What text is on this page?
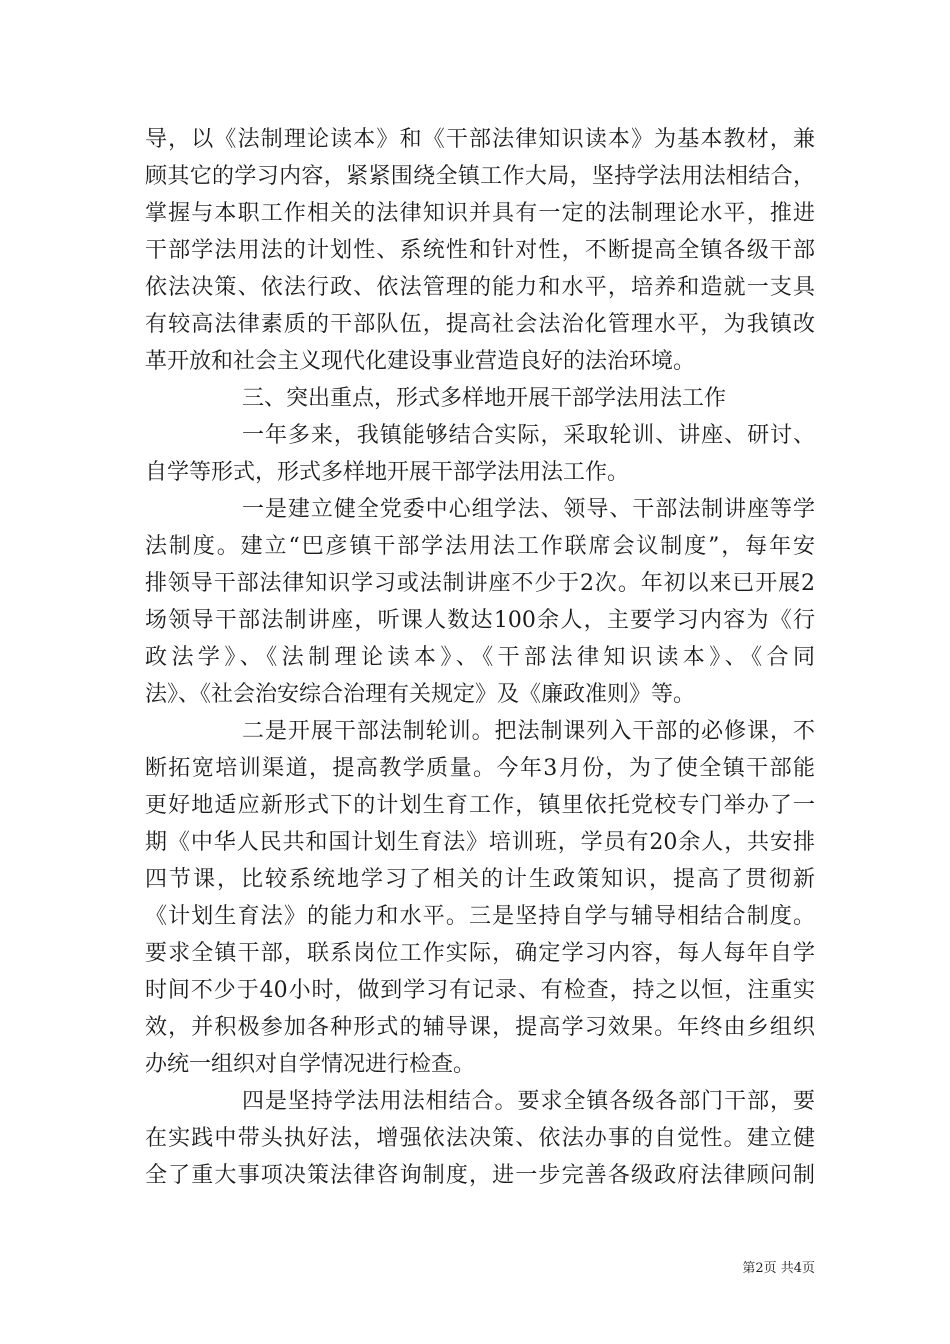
导，以《法制理论读本》和《干部法律知识读本》为基本教材，兼
顾其它的学习内容，紧紧围绕全镇工作大局，坚持学法用法相结合，
掌握与本职工作相关的法律知识并具有一定的法制理论水平，推进
干部学法用法的计划性、系统性和针对性，不断提高全镇各级干部
依法决策、依法行政、依法管理的能力和水平，培养和造就一支具
有较高法律素质的干部队伍，提高社会法治化管理水平，为我镇改
革开放和社会主义现代化建设事业营造良好的法治环境。
三、突出重点，形式多样地开展干部学法用法工作
一年多来，我镇能够结合实际，采取轮训、讲座、研讨、
自学等形式，形式多样地开展干部学法用法工作。
一是建立健全党委中心组学法、领导、干部法制讲座等学
法制度。建立“巴彦镇干部学法用法工作联席会议制度”，每年安
排领导干部法律知识学习或法制讲座不少于2次。年初以来已开展2
场领导干部法制讲座，听课人数达100余人，主要学习内容为《行
政法学》、《法制理论读本》、《干部法律知识读本》、《合同
法》、《社会治安综合治理有关规定》及《廉政准则》等。
二是开展干部法制轮训。把法制课列入干部的必修课，不
断拓宽培训渠道，提高教学质量。今年3月份，为了使全镇干部能
更好地适应新形式下的计划生育工作，镇里依托党校专门举办了一
期《中华人民共和国计划生育法》培训班，学员有20余人，共安排
四节课，比较系统地学习了相关的计生政策知识，提高了贯彻新
《计划生育法》的能力和水平。三是坚持自学与辅导相结合制度。
要求全镇干部，联系岗位工作实际，确定学习内容，每人每年自学
时间不少于40小时，做到学习有记录、有检查，持之以恒，注重实
效，并积极参加各种形式的辅导课，提高学习效果。年终由乡组织
办统一组织对自学情况进行检查。
四是坚持学法用法相结合。要求全镇各级各部门干部，要
在实践中带头执好法，增强依法决策、依法办事的自觉性。建立健
全了重大事项决策法律咨询制度，进一步完善各级政府法律顾问制
第2页 共4页
